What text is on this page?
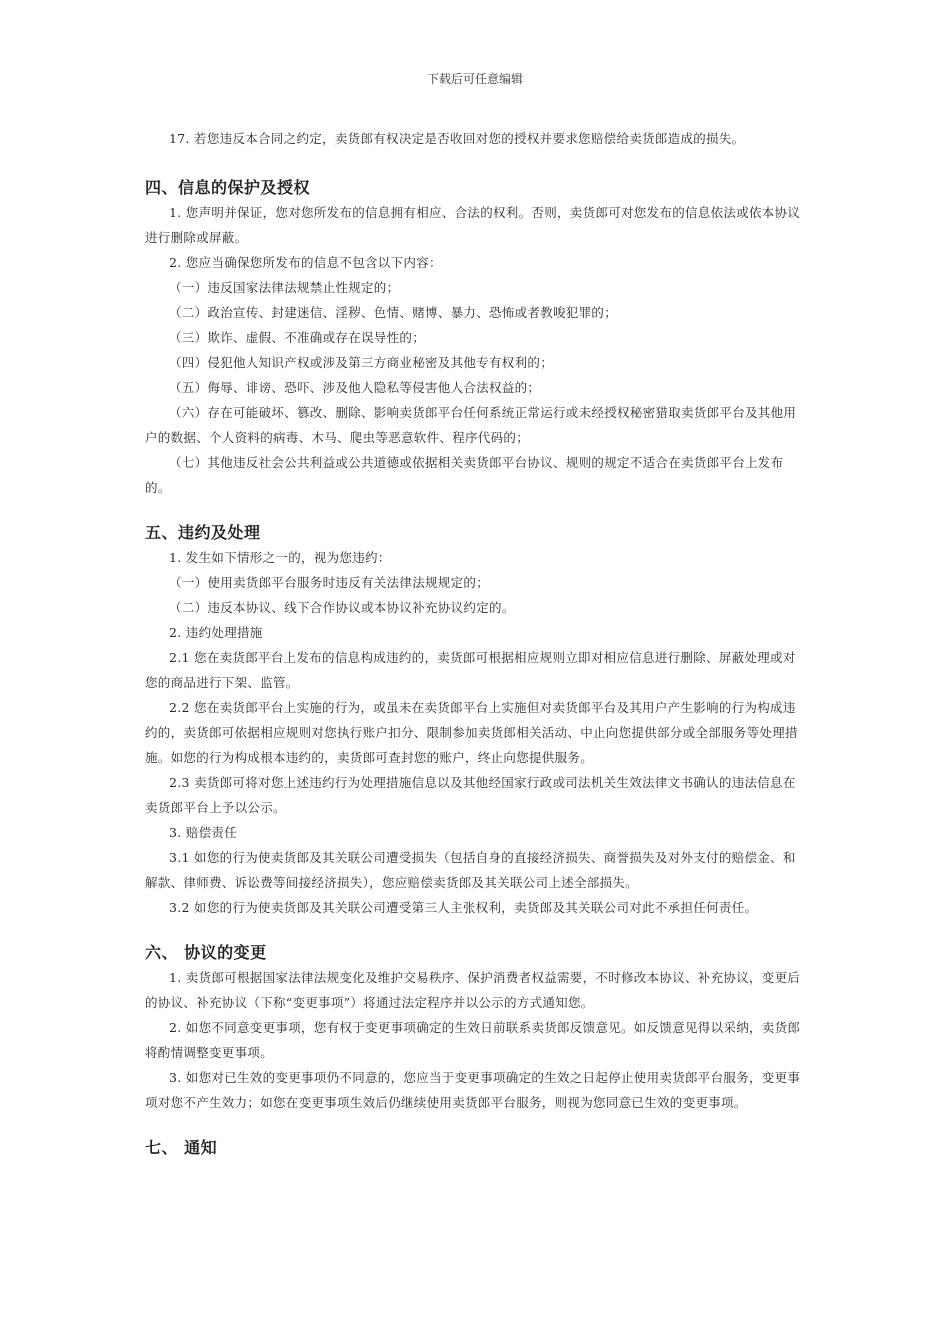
下载后可任意编辑

17. 若您违反本合同之约定，卖货郎有权决定是否收回对您的授权并要求您赔偿给卖货郎造成的损失。

四、信息的保护及授权

1. 您声明并保证，您对您所发布的信息拥有相应、合法的权利。否则，卖货郎可对您发布的信息依法或依本协议进行删除或屏蔽。

2. 您应当确保您所发布的信息不包含以下内容：

（一）违反国家法律法规禁止性规定的；

（二）政治宣传、封建迷信、淫秽、色情、赌博、暴力、恐怖或者教唆犯罪的；

（三）欺诈、虚假、不准确或存在误导性的；

（四）侵犯他人知识产权或涉及第三方商业秘密及其他专有权利的；

（五）侮辱、诽谤、恐吓、涉及他人隐私等侵害他人合法权益的；

（六）存在可能破坏、篡改、删除、影响卖货郎平台任何系统正常运行或未经授权秘密猎取卖货郎平台及其他用户的数据、个人资料的病毒、木马、爬虫等恶意软件、程序代码的；

（七）其他违反社会公共利益或公共道德或依据相关卖货郎平台协议、规则的规定不适合在卖货郎平台上发布的。

五、违约及处理

1. 发生如下情形之一的，视为您违约：

（一）使用卖货郎平台服务时违反有关法律法规规定的；

（二）违反本协议、线下合作协议或本协议补充协议约定的。

2. 违约处理措施

2.1 您在卖货郎平台上发布的信息构成违约的，卖货郎可根据相应规则立即对相应信息进行删除、屏蔽处理或对您的商品进行下架、监管。

2.2 您在卖货郎平台上实施的行为，或虽未在卖货郎平台上实施但对卖货郎平台及其用户产生影响的行为构成违约的，卖货郎可依据相应规则对您执行账户扣分、限制参加卖货郎相关活动、中止向您提供部分或全部服务等处理措施。如您的行为构成根本违约的，卖货郎可查封您的账户，终止向您提供服务。

2.3 卖货郎可将对您上述违约行为处理措施信息以及其他经国家行政或司法机关生效法律文书确认的违法信息在卖货郎平台上予以公示。

3. 赔偿责任

3.1 如您的行为使卖货郎及其关联公司遭受损失（包括自身的直接经济损失、商誉损失及对外支付的赔偿金、和解款、律师费、诉讼费等间接经济损失），您应赔偿卖货郎及其关联公司上述全部损失。

3.2 如您的行为使卖货郎及其关联公司遭受第三人主张权利，卖货郎及其关联公司对此不承担任何责任。

六、 协议的变更

1. 卖货郎可根据国家法律法规变化及维护交易秩序、保护消费者权益需要，不时修改本协议、补充协议，变更后的协议、补充协议（下称“变更事项”）将通过法定程序并以公示的方式通知您。

2. 如您不同意变更事项，您有权于变更事项确定的生效日前联系卖货郎反馈意见。如反馈意见得以采纳，卖货郎将酌情调整变更事项。

3. 如您对已生效的变更事项仍不同意的，您应当于变更事项确定的生效之日起停止使用卖货郎平台服务，变更事项对您不产生效力；如您在变更事项生效后仍继续使用卖货郎平台服务，则视为您同意已生效的变更事项。

七、 通知
